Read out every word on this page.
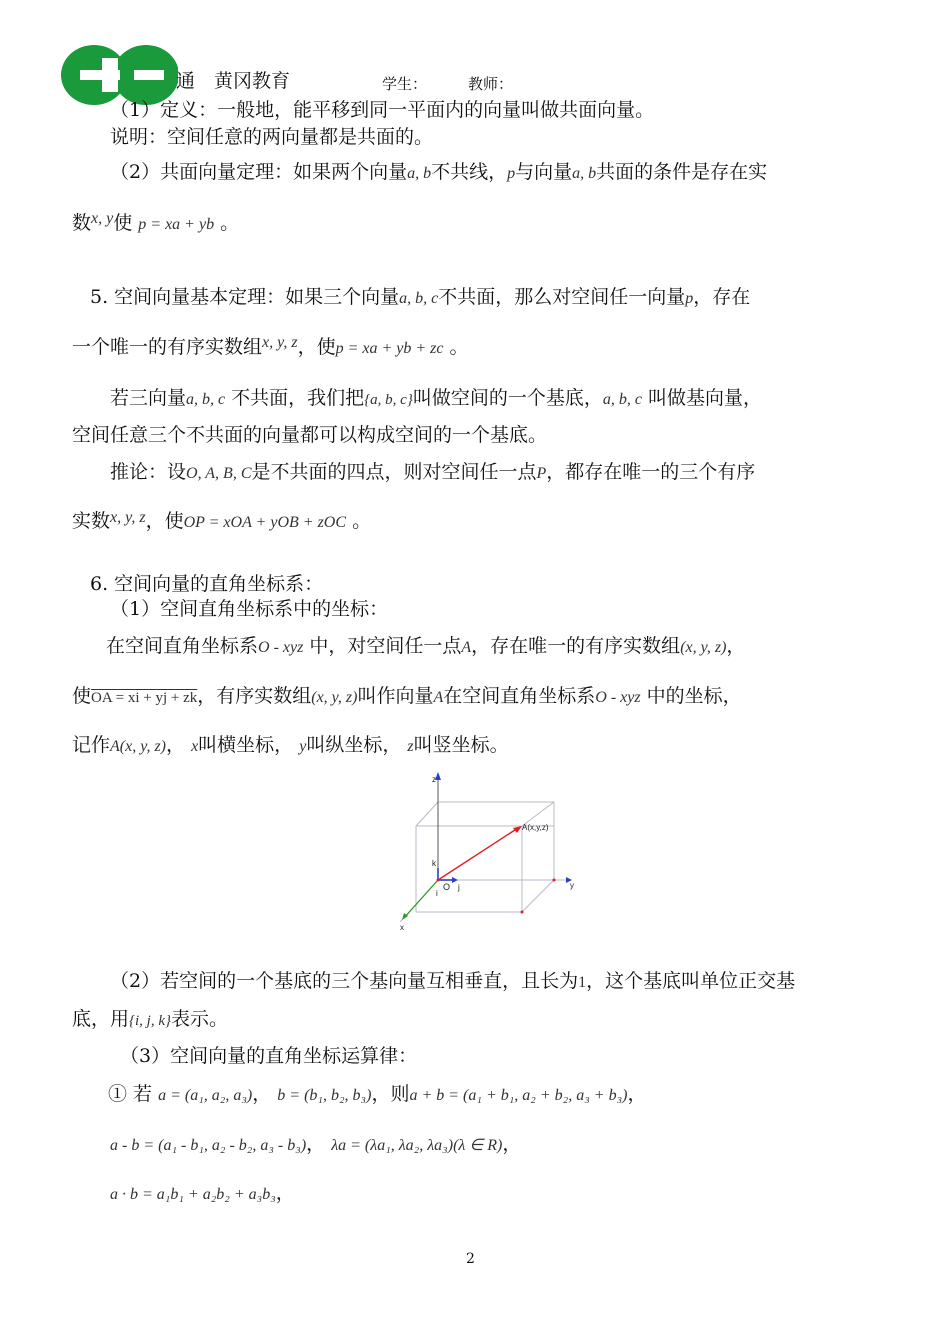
通 黄冈教育	学生：	教师：
（1）定义：一般地，能平移到同一平面内的向量叫做共面向量。
说明：空间任意的两向量都是共面的。
（2）共面向量定理：如果两个向量a, b不共线，p与向量a, b共面的条件是存在实
数$^{x, y}$使 p = xa + yb 。
5. 空间向量基本定理：如果三个向量a, b, c不共面，那么对空间任一向量p，存在
一个唯一的有序实数组$^{x, y, z}$，使p = xa + yb + zc 。
若三向量a, b, c 不共面，我们把{a, b, c}叫做空间的一个基底，a, b, c 叫做基向量，
空间任意三个不共面的向量都可以构成空间的一个基底。
推论：设O, A, B, C是不共面的四点，则对空间任一点P，都存在唯一的三个有序
实数$^{x, y, z}$，使OP = xOA + yOB + zOC 。
6. 空间向量的直角坐标系：
（1）空间直角坐标系中的坐标：
在空间直角坐标系O - xyz 中，对空间任一点A，存在唯一的有序实数组(x, y, z)，
使OA = xi + yj + zk，有序实数组(x, y, z)叫作向量A在空间直角坐标系O - xyz 中的坐标，
记作A(x, y, z)， x叫横坐标， y叫纵坐标， z叫竖坐标。
z
y
x
k
O j
i
A(x,y,z)
（2）若空间的一个基底的三个基向量互相垂直，且长为1，这个基底叫单位正交基
底，用{i, j, k}表示。
（3）空间向量的直角坐标运算律：
① 若 a = (a₁, a₂, a₃)， b = (b₁, b₂, b₃)，则a + b = (a₁ + b₁, a₂ + b₂, a₃ + b₃)，
a - b = (a₁ - b₁, a₂ - b₂, a₃ - b₃)， λa = (λa₁, λa₂, λa₃)(λ ∈ R)，
a · b = a₁b₁ + a₂b₂ + a₃b₃，
2
